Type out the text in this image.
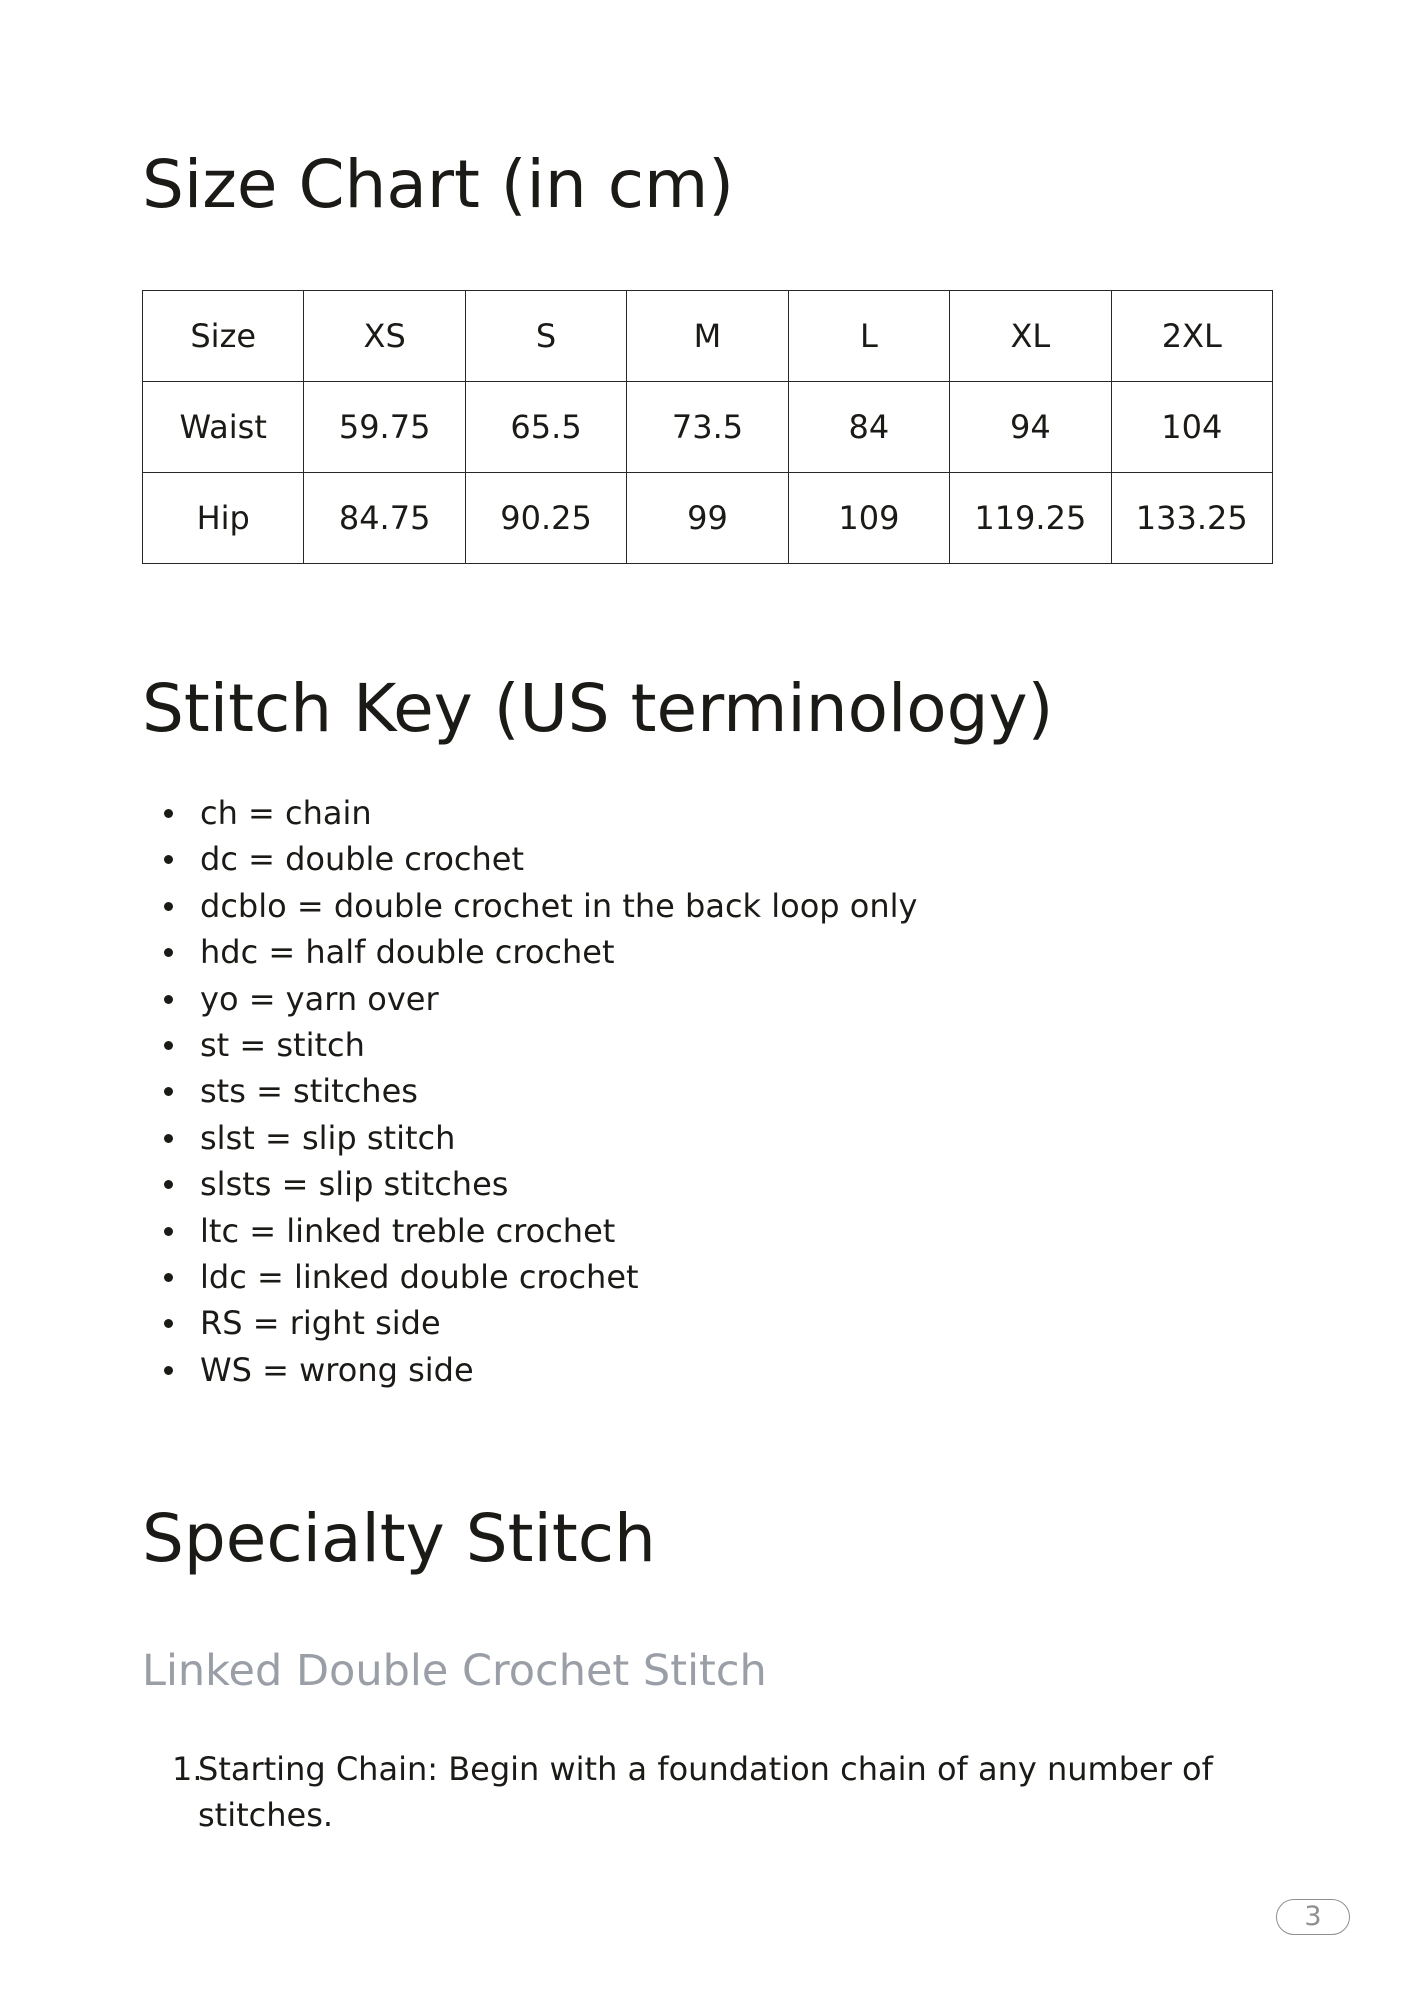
Size Chart (in cm)
Size	XS	S	M	L	XL	2XL
Waist	59.75	65.5	73.5	84	94	104
Hip	84.75	90.25	99	109	119.25	133.25
Stitch Key (US terminology)
ch = chain
dc = double crochet
dcblo = double crochet in the back loop only
hdc = half double crochet
yo = yarn over
st = stitch
sts = stitches
slst = slip stitch
slsts = slip stitches
ltc = linked treble crochet
ldc = linked double crochet
RS = right side
WS = wrong side
Specialty Stitch
Linked Double Crochet Stitch
1.
Starting Chain: Begin with a foundation chain of any number of stitches.
3
